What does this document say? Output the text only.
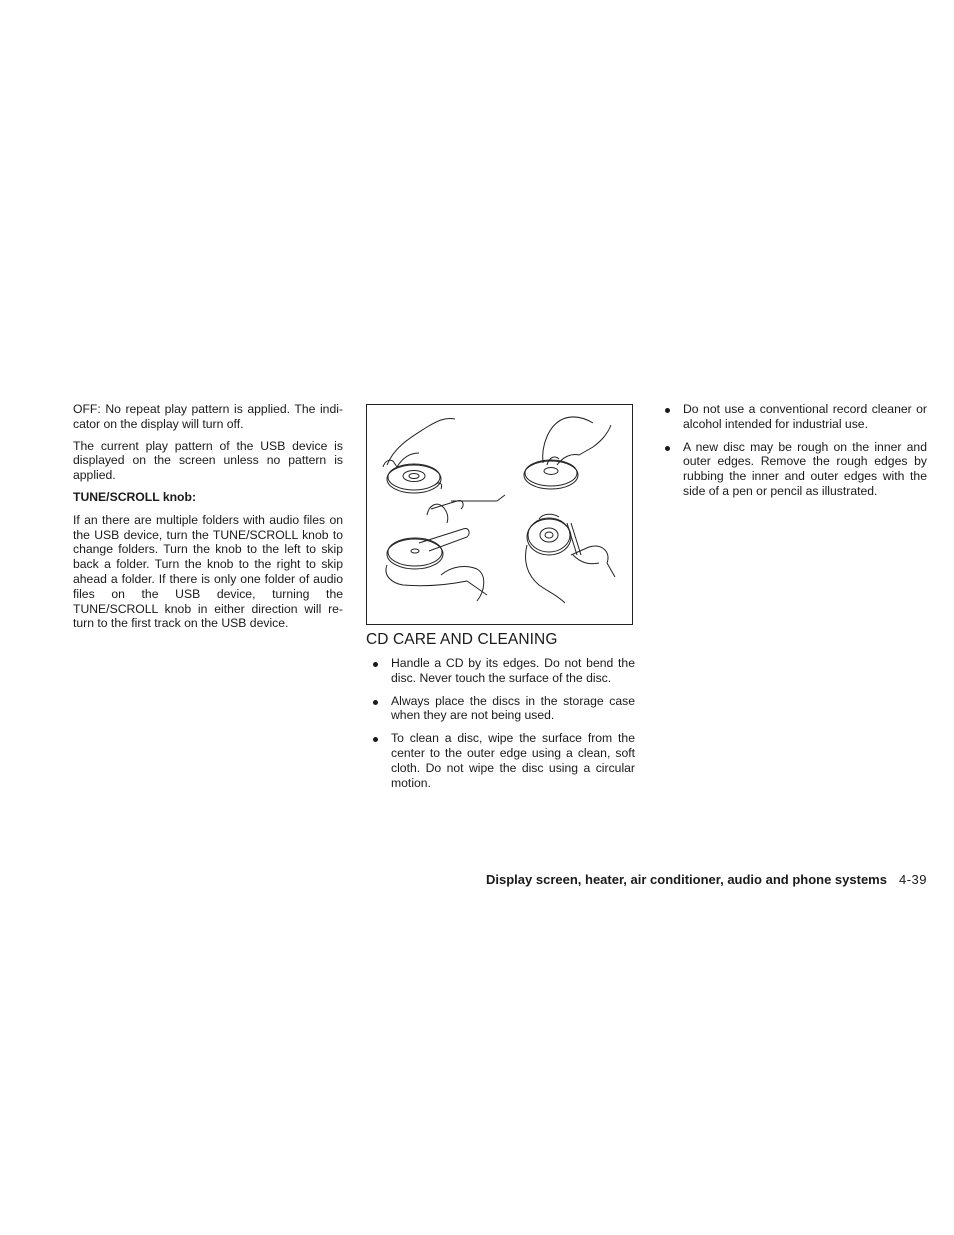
OFF: No repeat play pattern is applied. The indi-cator on the display will turn off.

The current play pattern of the USB device is displayed on the screen unless no pattern is applied.

TUNE/SCROLL knob:

If an there are multiple folders with audio files on the USB device, turn the TUNE/SCROLL knob to change folders. Turn the knob to the left to skip back a folder. Turn the knob to the right to skip ahead a folder. If there is only one folder of audio files on the USB device, turning the TUNE/SCROLL knob in either direction will re-turn to the first track on the USB device.

CD CARE AND CLEANING
Handle a CD by its edges. Do not bend the disc. Never touch the surface of the disc.
Always place the discs in the storage case when they are not being used.
To clean a disc, wipe the surface from the center to the outer edge using a clean, soft cloth. Do not wipe the disc using a circular motion.
Do not use a conventional record cleaner or alcohol intended for industrial use.
A new disc may be rough on the inner and outer edges. Remove the rough edges by rubbing the inner and outer edges with the side of a pen or pencil as illustrated.
Display screen, heater, air conditioner, audio and phone systems 4-39
